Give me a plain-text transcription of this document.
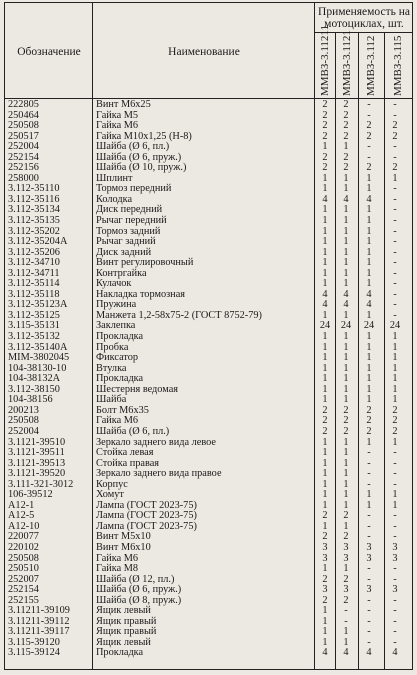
Обозначение	Наименование
Применяемость на
мотоциклах, шт.
ММВЗ-3.11211 ММВЗ-3.1121 ММВЗ-3.112 ММВЗ-3.115
222805	Винт М6х25	2	2	-	-
250464	Гайка М5	2	2	-	-
250508	Гайка М6	2	2	2	2
250517	Гайка М10х1,25 (Н-8)	2	2	2	2
252004	Шайба (Ø 6, пл.)	1	1	-	-
252154	Шайба (Ø 6, пруж.)	2	2	-	-
252156	Шайба (Ø 10, пруж.)	2	2	2	2
258000	Шплинт	1	1	1	1
3.112-35110	Тормоз передний	1	1	1	-
3.112-35116	Колодка	4	4	4	-
3.112-35134	Диск передний	1	1	1	-
3.112-35135	Рычаг передний	1	1	1	-
3.112-35202	Тормоз задний	1	1	1	-
3.112-35204А	Рычаг задний	1	1	1	-
3.112-35206	Диск задний	1	1	1	-
3.112-34710	Винт регулировочный	1	1	1	-
3.112-34711	Контргайка	1	1	1	-
3.112-35114	Кулачок	1	1	1	-
3.112-35118	Накладка тормозная	4	4	4	-
3.112-35123А	Пружина	4	4	4	-
3.112-35125	Манжета 1,2-58х75-2 (ГОСТ 8752-79)	1	1	1	-
3.115-35131	Заклепка	24	24	24	24
3.112-35132	Прокладка	1	1	1	1
3.112-35140А	Пробка	1	1	1	1
МІМ-3802045	Фиксатор	1	1	1	1
104-38130-10	Втулка	1	1	1	1
104-38132А	Прокладка	1	1	1	1
3.112-38150	Шестерня ведомая	1	1	1	1
104-38156	Шайба	1	1	1	1
200213	Болт М6х35	2	2	2	2
250508	Гайка М6	2	2	2	2
252004	Шайба (Ø 6, пл.)	2	2	2	2
3.1121-39510	Зеркало заднего вида левое	1	1	1	1
3.1121-39511	Стойка левая	1	1	-	-
3.1121-39513	Стойка правая	1	1	-	-
3.1121-39520	Зеркало заднего вида правое	1	1	-	-
3.111-321-3012 Корпус	1	1	-	-
106-39512	Хомут	1	1	1	1
А12-1	Лампа (ГОСТ 2023-75)	1	1	1	1
А12-5	Лампа (ГОСТ 2023-75)	2	2	-	-
А12-10	Лампа (ГОСТ 2023-75)	1	1	-	-
220077	Винт М5х10	2	2	-	-
220102	Винт М6х10	3	3	3	3
250508	Гайка М6	3	3	3	3
250510	Гайка М8	1	1	-	-
252007	Шайба (Ø 12, пл.)	2	2	-	-
252154	Шайба (Ø 6, пруж.)	3	3	3	3
252155	Шайба (Ø 8, пруж.)	2	2	-	-
3.11211-39109	Ящик левый	1	-	-	-
3.11211-39112	Ящик правый	1	-	-	-
3.11211-39117	Ящик правый	1	1	-	-
3.115-39120	Ящик левый	1	1	-	-
3.115-39124	Прокладка	4	4	4	4
